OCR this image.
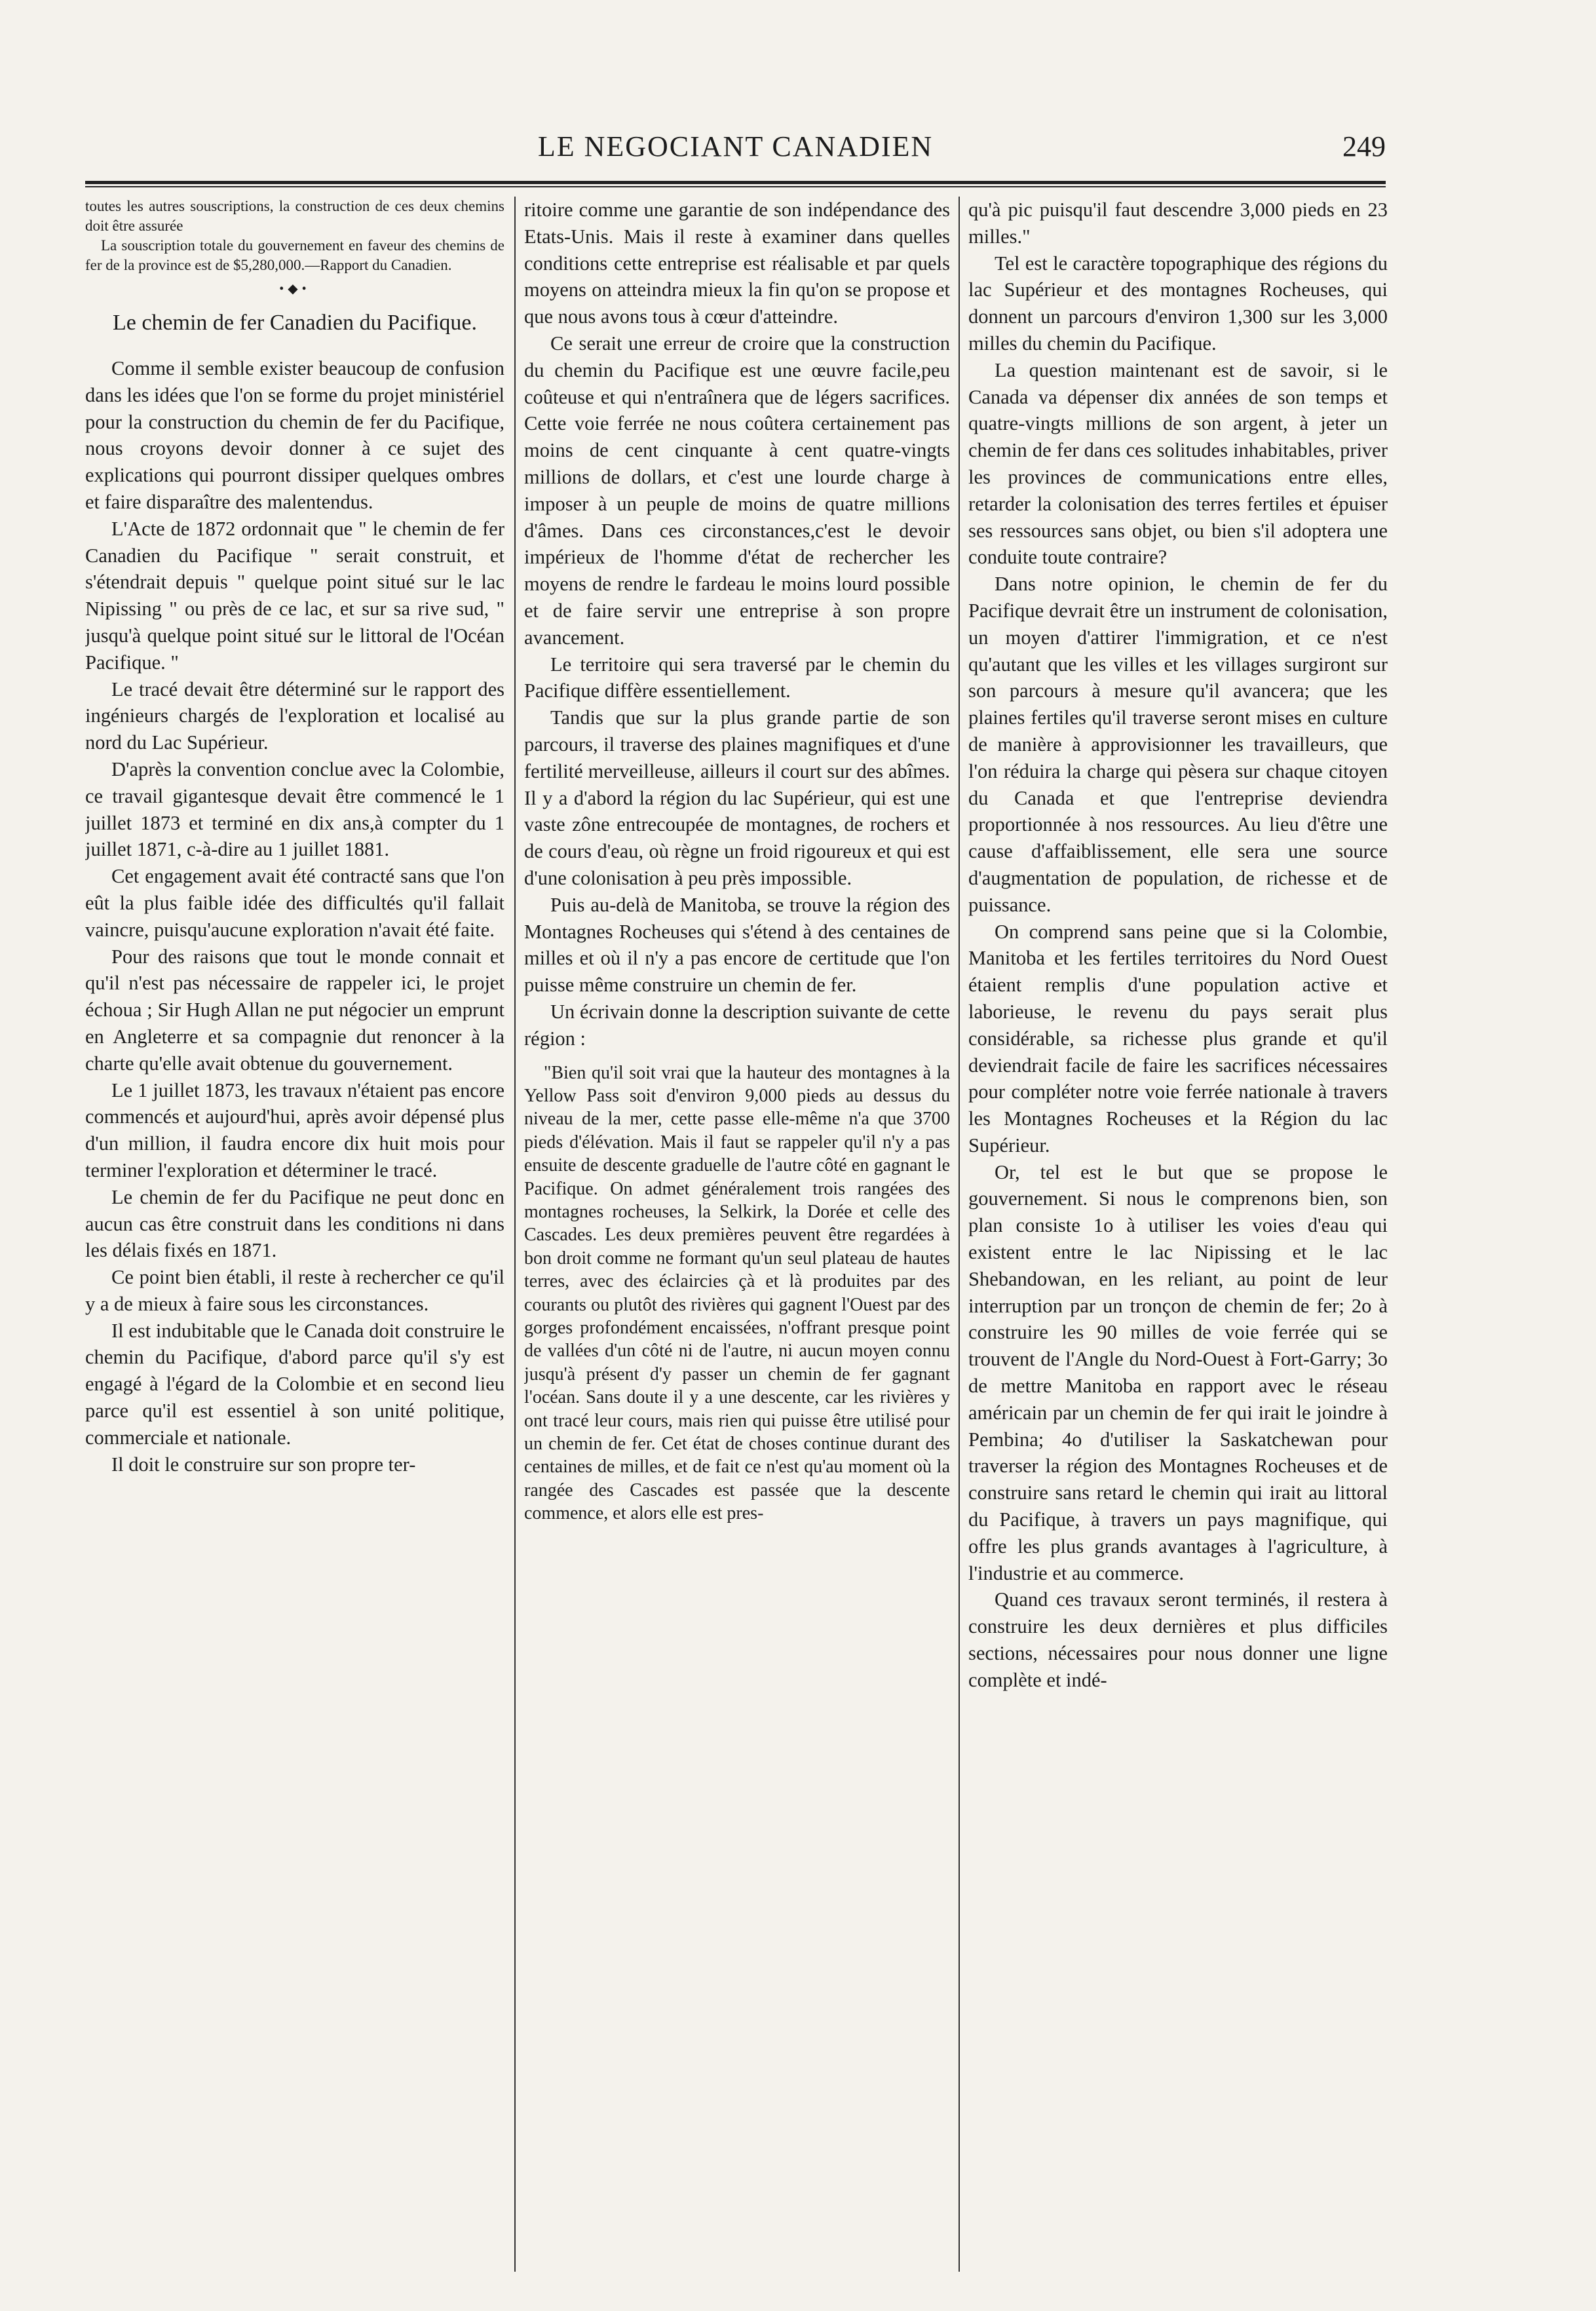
LE NEGOCIANT CANADIEN	249

toutes les autres souscriptions, la construction de ces deux chemins doit être assurée

La souscription totale du gouvernement en faveur des chemins de fer de la province est de $5,280,000.—Rapport du Canadien.

•◆•
Le chemin de fer Canadien du Pacifique.

Comme il semble exister beaucoup de confusion dans les idées que l'on se forme du projet ministériel pour la construction du chemin de fer du Pacifique, nous croyons devoir donner à ce sujet des explications qui pourront dissiper quelques ombres et faire disparaître des malentendus.

L'Acte de 1872 ordonnait que " le chemin de fer Canadien du Pacifique " serait construit, et s'étendrait depuis " quelque point situé sur le lac Nipissing " ou près de ce lac, et sur sa rive sud, " jusqu'à quelque point situé sur le littoral de l'Océan Pacifique. "

Le tracé devait être déterminé sur le rapport des ingénieurs chargés de l'exploration et localisé au nord du Lac Supérieur.

D'après la convention conclue avec la Colombie, ce travail gigantesque devait être commencé le 1 juillet 1873 et terminé en dix ans,à compter du 1 juillet 1871, c-à-dire au 1 juillet 1881.

Cet engagement avait été contracté sans que l'on eût la plus faible idée des difficultés qu'il fallait vaincre, puisqu'aucune exploration n'avait été faite.

Pour des raisons que tout le monde connait et qu'il n'est pas nécessaire de rappeler ici, le projet échoua ; Sir Hugh Allan ne put négocier un emprunt en Angleterre et sa compagnie dut renoncer à la charte qu'elle avait obtenue du gouvernement.

Le 1 juillet 1873, les travaux n'étaient pas encore commencés et aujourd'hui, après avoir dépensé plus d'un million, il faudra encore dix huit mois pour terminer l'exploration et déterminer le tracé.

Le chemin de fer du Pacifique ne peut donc en aucun cas être construit dans les conditions ni dans les délais fixés en 1871.

Ce point bien établi, il reste à rechercher ce qu'il y a de mieux à faire sous les circonstances.

Il est indubitable que le Canada doit construire le chemin du Pacifique, d'abord parce qu'il s'y est engagé à l'égard de la Colombie et en second lieu parce qu'il est essentiel à son unité politique, commerciale et nationale.

Il doit le construire sur son propre ter-

ritoire comme une garantie de son indépendance des Etats-Unis. Mais il reste à examiner dans quelles conditions cette entreprise est réalisable et par quels moyens on atteindra mieux la fin qu'on se propose et que nous avons tous à cœur d'atteindre.

Ce serait une erreur de croire que la construction du chemin du Pacifique est une œuvre facile,peu coûteuse et qui n'entraînera que de légers sacrifices. Cette voie ferrée ne nous coûtera certainement pas moins de cent cinquante à cent quatre-vingts millions de dollars, et c'est une lourde charge à imposer à un peuple de moins de quatre millions d'âmes. Dans ces circonstances,c'est le devoir impérieux de l'homme d'état de rechercher les moyens de rendre le fardeau le moins lourd possible et de faire servir une entreprise à son propre avancement.

Le territoire qui sera traversé par le chemin du Pacifique diffère essentiellement.

Tandis que sur la plus grande partie de son parcours, il traverse des plaines magnifiques et d'une fertilité merveilleuse, ailleurs il court sur des abîmes. Il y a d'abord la région du lac Supérieur, qui est une vaste zône entrecoupée de montagnes, de rochers et de cours d'eau, où règne un froid rigoureux et qui est d'une colonisation à peu près impossible.

Puis au-delà de Manitoba, se trouve la région des Montagnes Rocheuses qui s'étend à des centaines de milles et où il n'y a pas encore de certitude que l'on puisse même construire un chemin de fer.

Un écrivain donne la description suivante de cette région :

"Bien qu'il soit vrai que la hauteur des montagnes à la Yellow Pass soit d'environ 9,000 pieds au dessus du niveau de la mer, cette passe elle-même n'a que 3700 pieds d'élévation. Mais il faut se rappeler qu'il n'y a pas ensuite de descente graduelle de l'autre côté en gagnant le Pacifique. On admet généralement trois rangées des montagnes rocheuses, la Selkirk, la Dorée et celle des Cascades. Les deux premières peuvent être regardées à bon droit comme ne formant qu'un seul plateau de hautes terres, avec des éclaircies çà et là produites par des courants ou plutôt des rivières qui gagnent l'Ouest par des gorges profondément encaissées, n'offrant presque point de vallées d'un côté ni de l'autre, ni aucun moyen connu jusqu'à présent d'y passer un chemin de fer gagnant l'océan. Sans doute il y a une descente, car les rivières y ont tracé leur cours, mais rien qui puisse être utilisé pour un chemin de fer. Cet état de choses continue durant des centaines de milles, et de fait ce n'est qu'au moment où la rangée des Cascades est passée que la descente commence, et alors elle est pres-

qu'à pic puisqu'il faut descendre 3,000 pieds en 23 milles."

Tel est le caractère topographique des régions du lac Supérieur et des montagnes Rocheuses, qui donnent un parcours d'environ 1,300 sur les 3,000 milles du chemin du Pacifique.

La question maintenant est de savoir, si le Canada va dépenser dix années de son temps et quatre-vingts millions de son argent, à jeter un chemin de fer dans ces solitudes inhabitables, priver les provinces de communications entre elles, retarder la colonisation des terres fertiles et épuiser ses ressources sans objet, ou bien s'il adoptera une conduite toute contraire?

Dans notre opinion, le chemin de fer du Pacifique devrait être un instrument de colonisation, un moyen d'attirer l'immigration, et ce n'est qu'autant que les villes et les villages surgiront sur son parcours à mesure qu'il avancera; que les plaines fertiles qu'il traverse seront mises en culture de manière à approvisionner les travailleurs, que l'on réduira la charge qui pèsera sur chaque citoyen du Canada et que l'entreprise deviendra proportionnée à nos ressources. Au lieu d'être une cause d'affaiblissement, elle sera une source d'augmentation de population, de richesse et de puissance.

On comprend sans peine que si la Colombie, Manitoba et les fertiles territoires du Nord Ouest étaient remplis d'une population active et laborieuse, le revenu du pays serait plus considérable, sa richesse plus grande et qu'il deviendrait facile de faire les sacrifices nécessaires pour compléter notre voie ferrée nationale à travers les Montagnes Rocheuses et la Région du lac Supérieur.

Or, tel est le but que se propose le gouvernement. Si nous le comprenons bien, son plan consiste 1o à utiliser les voies d'eau qui existent entre le lac Nipissing et le lac Shebandowan, en les reliant, au point de leur interruption par un tronçon de chemin de fer; 2o à construire les 90 milles de voie ferrée qui se trouvent de l'Angle du Nord-Ouest à Fort-Garry; 3o de mettre Manitoba en rapport avec le réseau américain par un chemin de fer qui irait le joindre à Pembina; 4o d'utiliser la Saskatchewan pour traverser la région des Montagnes Rocheuses et de construire sans retard le chemin qui irait au littoral du Pacifique, à travers un pays magnifique, qui offre les plus grands avantages à l'agriculture, à l'industrie et au commerce.

Quand ces travaux seront terminés, il restera à construire les deux dernières et plus difficiles sections, nécessaires pour nous donner une ligne complète et indé-
